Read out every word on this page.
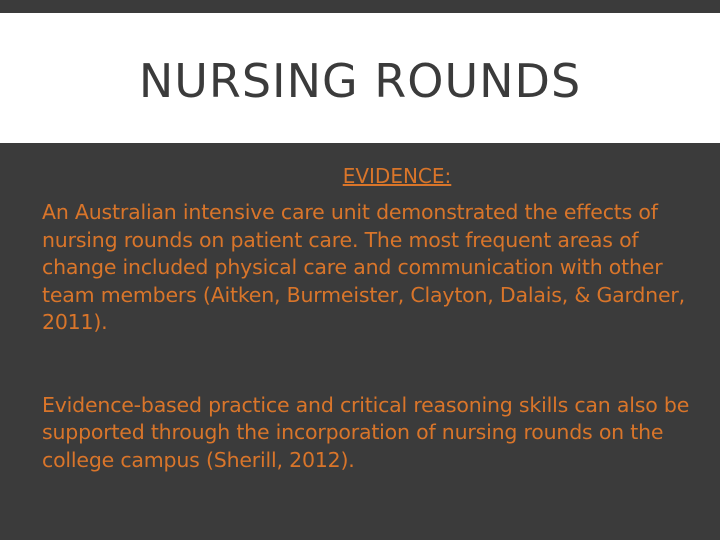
NURSING ROUNDS
EVIDENCE:

An Australian intensive care unit demonstrated the effects of nursing rounds on patient care. The most frequent areas of change included physical care and communication with other team members (Aitken, Burmeister, Clayton, Dalais, & Gardner, 2011).

Evidence-based practice and critical reasoning skills can also be supported through the incorporation of nursing rounds on the college campus (Sherill, 2012).
